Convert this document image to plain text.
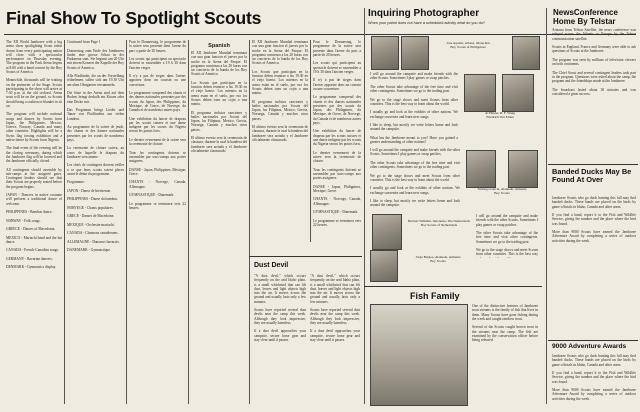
Final Show To Spotlight Scouts	Inquiring Photographer
When your patrol does not have a scheduled activity what do you do?
NewsConference Home By Telstar
The XII World Jamboree with a big arena show spotlighting Scout talent drawn from every participating nation will close with a spectacular performance on Thursday evening. The program in the Park Arena begins at 8:00 with a band concert by the Boy Scouts of America.

Meanwhile, thousands will be waiting on the perimeter of the Stage. Scouts participating in the show will arrive at 7:30 p.m. at the old orchard. Arena seats will be on the ground, so Scouts should bring a cushion or blanket to sit on.

The program will include national songs and dances by Scouts from Japan, the Philippines, Mexico, Greece, Norway, Canada and many other countries. Highlights will be a Swiss flag tossing exhibition and a native dance by Scouts from Nigeria.

The final event of the evening will be the closing ceremony, during which the Jamboree flag will be lowered and the Jamboree officially closed.

All contingents should assemble by sub-camps at the assigned gates. Contingent leaders should see that their Scouts are properly seated before the program begins.

JAPAN - Dancers in native costume will perform a traditional dance of welcome.

PHILIPPINES - Bamboo dance.

NORWAY - Folk songs.

GREECE - Dances of Macedonia.

MEXICO - Mariachi band and the hat dance.

CANADA - French-Canadian songs.

GERMANY - Bavarian dancers.

DENMARK - Gymnastics display.
Continued from Page 1

Donnerstag zum Ende des Jamborees findet eine grosse Schau in der Parkarena statt. Sie beginnt um 20 Uhr mit einem Konzert der Kapelle der Boy Scouts of America.

Alle Pfadfinder, die an der Vorstellung teilnehmen, sollen sich um 19.30 Uhr am alten Obstgarten versammeln.

Die Sitze in der Arena sind auf dem Boden; bringt deshalb ein Kissen oder eine Decke mit.

Das Programm bringt Lieder und Tanze von Pfadfindern aus vielen Landern.

Au programme de la soiree de jeudi, des chants et des danses nationales presentes par les scouts de nombreux pays.

La ceremonie de cloture suivra, au cours de laquelle le drapeau du Jamboree sera amene.

Les chefs de contingent doivent veiller a ce que leurs scouts soient places avant le debut du programme.

Programme:

JAPON - Danse de bienvenue.

PHILIPPINES - Danse du bambou.

NORVEGE - Chants populaires.

GRECE - Danses de Macedoine.

MEXIQUE - Orchestre mariachi.

CANADA - Chansons canadiennes.

ALLEMAGNE - Danseurs bavarois.

DANEMARK - Gymnastique.
Pour le Donnerstag, le programme de la soiree sera presente dans l'arene du parc a partir de 20 heures.

Les scouts qui participent au spectacle doivent se rassembler a 19 h 30 dans l'ancien verger.

Il n'y a pas de sieges dans l'arene; apportez donc un coussin ou une couverture.

Le programme comprend des chants et des danses nationales presentes par des scouts du Japon, des Philippines, du Mexique, de Grece, de Norvege, du Canada et de nombreux autres pays.

Une exhibition du lancer de drapeau par les scouts suisses et une danse indigene par les scouts du Nigeria seront les points forts.

Le dernier evenement de la soiree sera la ceremonie de cloture.

Tous les contingents doivent se rassembler par sous-camps aux portes assignees.

DANSE - Japon, Philippines, Mexique, Grece.

CHANTS - Norvege, Canada, Allemagne.

GYMNASTIQUE - Danemark.

Le programme se terminera vers 22 heures.
Spanish
El XII Jamboree Mundial terminara con una gran funcion el jueves por la noche en la Arena del Parque. El programa comienza a las 20 horas con un concierto de la banda de los Boy Scouts of America.

Los Scouts que participan en la funcion deben reunirse a las 19.30 en el viejo huerto. Los asientos en la arena estan en el suelo, por eso los Scouts deben traer un cojin o una manta.

El programa incluira canciones y bailes nacionales por Scouts del Japon, las Filipinas, Mexico, Grecia, Noruega, Canada y muchos otros paises.

El ultimo evento sera la ceremonia de clausura, durante la cual la bandera del Jamboree sera arriada y el Jamboree oficialmente clausurado.
El XII Jamboree Mundial terminara con una gran funcion el jueves por la noche en la Arena del Parque. El programa comienza a las 20 horas con un concierto de la banda de los Boy Scouts of America.

Los Scouts que participan en la funcion deben reunirse a las 19.30 en el viejo huerto. Los asientos en la arena estan en el suelo, por eso los Scouts deben traer un cojin o una manta.

El programa incluira canciones y bailes nacionales por Scouts del Japon, las Filipinas, Mexico, Grecia, Noruega, Canada y muchos otros paises.

El ultimo evento sera la ceremonia de clausura, durante la cual la bandera del Jamboree sera arriada y el Jamboree oficialmente clausurado.
Pour le Donnerstag, le programme de la soiree sera presente dans l'arene du parc a partir de 20 heures.

Les scouts qui participent au spectacle doivent se rassembler a 19 h 30 dans l'ancien verger.

Il n'y a pas de sieges dans l'arene; apportez donc un coussin ou une couverture.

Le programme comprend des chants et des danses nationales presentes par des scouts du Japon, des Philippines, du Mexique, de Grece, de Norvege, du Canada et de nombreux autres pays.

Une exhibition du lancer de drapeau par les scouts suisses et une danse indigene par les scouts du Nigeria seront les points forts.

Le dernier evenement de la soiree sera la ceremonie de cloture.

Tous les contingents doivent se rassembler par sous-camps aux portes assignees.

DANSE - Japon, Philippines, Mexique, Grece.

CHANTS - Norvege, Canada, Allemagne.

GYMNASTIQUE - Danemark.

Le programme se terminera vers 22 heures.
Dust Devil
"A dust devil," which occurs frequently on the arid Idaho plain, is a small whirlwind that can lift dust, leaves and light objects high into the air. It moves across the ground and usually lasts only a few minutes.

Scouts have reported several dust devils near the camp this week. Although they look impressive, they are usually harmless.

If a dust devil approaches your campsite, secure loose gear and stay clear until it passes.
"A dust devil," which occurs frequently on the arid Idaho plain, is a small whirlwind that can lift dust, leaves and light objects high into the air. It moves across the ground and usually lasts only a few minutes.

Scouts have reported several dust devils near the camp this week. Although they look impressive, they are usually harmless.

If a dust devil approaches your campsite, secure loose gear and stay clear until it passes.
Jose Aguilar, Albans, Olena Rai
Boy Scouts of Philippines
I will go around the campsite and make friends with the other Scouts. Sometimes I play games or swap patches.

The other Scouts take advantage of the free time and visit other contingents. Sometimes we go to the trading post.

We go to the stage shows and meet Scouts from other countries. This is the best way to learn about the world.

I usually go and look at the exhibits of other nations. We exchange souvenirs and learn new songs.

I like to sleep, but mostly we write letters home and look around the campsite.

What has the Jamboree meant to you? Have you gained a greater understanding of other nations?

Al Hanna, D. F. Wang
Friedrich Von Elden
I will go around the campsite and make friends with the other Scouts. Sometimes I play games or swap patches.

The other Scouts take advantage of the free time and visit other contingents. Sometimes we go to the trading post.

We go to the stage shows and meet Scouts from other countries. This is the best way to learn about the world.

I usually go and look at the exhibits of other nations. We exchange souvenirs and learn new songs.

I like to sleep, but mostly we write letters home and look around the campsite.

Santiago Garcia, Alameda, Armenia
Boy Scouts
Herbert Wilhelm, Indonesia, The Netherlands
Boy Scouts of Netherlands
I will go around the campsite and make friends with the other Scouts. Sometimes I play games or swap patches.

The other Scouts take advantage of the free time and visit other contingents. Sometimes we go to the trading post.

We go to the stage shows and meet Scouts from other countries. This is the best way

Jorge Burgos, Alameda, Armenia
Boy Scouts
Fish Family
One of the distinctive features of Jamboree trout streams is the family of fish that lives in them. Many Scouts have gone fishing during the week and caught rainbow trout.

Several of the Scouts caught brown trout in the streams near the camp. The fish are examined by the conservation officer before being released.
Arizona from Telstar Satellite, the news conference was relayed across the Atlantic to Europe by the Telstar communication satellite.

Scouts in England, France and Germany were able to ask questions of Scouts at the Jamboree.

The program was seen by millions of television viewers on both continents.

The Chief Scout and several contingent leaders took part in the program. Questions were asked about the camp, the program and the friendships made at the Jamboree.

The broadcast lasted about 30 minutes and was considered a great success.
Banded Ducks May Be Found At Over
Jamboree Scouts who go duck hunting this fall may find banded ducks. These bands are placed on the birds by game officials in Idaho, Canada and other areas.

If you find a band, report it to the Fish and Wildlife Service, giving the number and the place where the bird was found.

More than 9000 Scouts have earned the Jamboree Adventure Award by completing a series of outdoor activities during the week.
9000 Adventure Awards
Jamboree Scouts who go duck hunting this fall may find banded ducks. These bands are placed on the birds by game officials in Idaho, Canada and other areas.

If you find a band, report it to the Fish and Wildlife Service, giving the number and the place where the bird was found.

More than 9000 Scouts have earned the Jamboree Adventure Award by completing a series of outdoor activities during the week.
